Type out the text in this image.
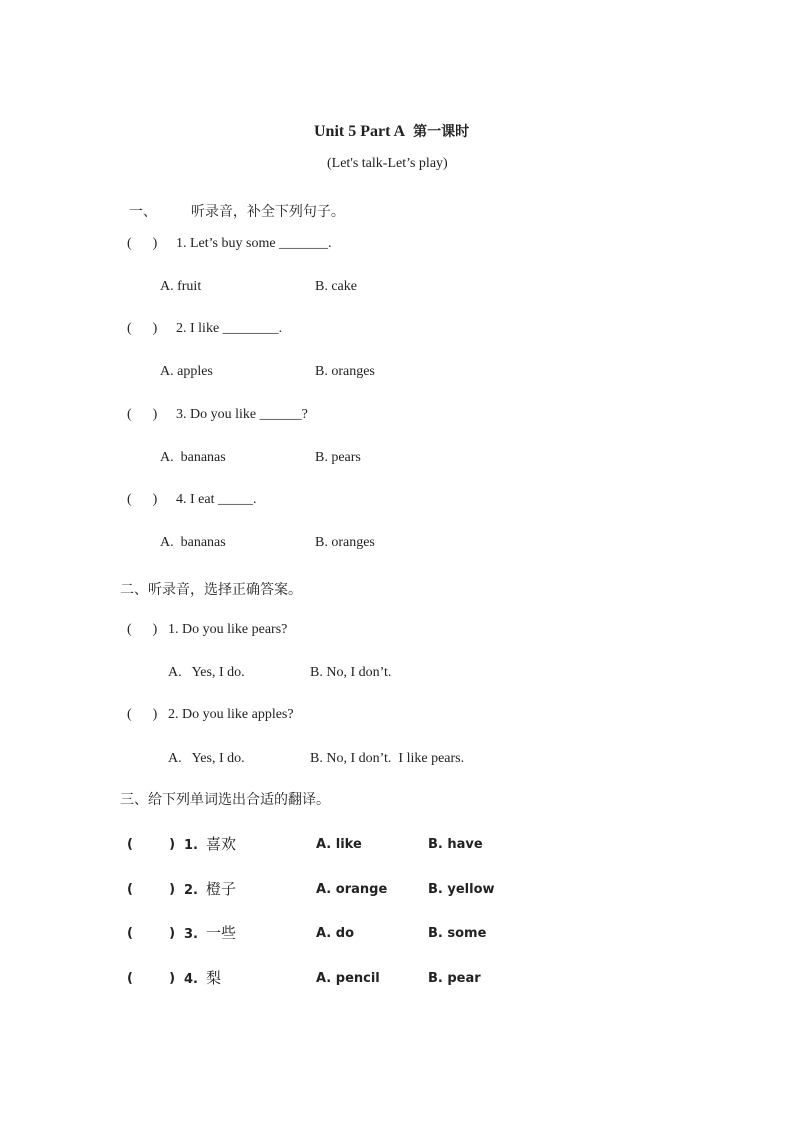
Unit 5 Part A 第一课时

(Let's talk-Let’s play)

一、 听录音，补全下列句子。

(      ) 1. Let’s buy some _______.
A. fruit	B. cake
(      ) 2. I like ________.
A. apples	B. oranges
(      ) 3. Do you like ______?
A.  bananas	B. pears
(      ) 4. I eat _____.
A.  bananas	B. oranges
二、听录音，选择正确答案。
(      ) 1. Do you like pears?
A.   Yes, I do.	B. No, I don’t.
(      ) 2. Do you like apples?
A.   Yes, I do.	B. No, I don’t.  I like pears.
三、给下列单词选出合适的翻译。
(        ) 1. 喜欢	A. like	B. have
(        ) 2. 橙子	A. orange	B. yellow
(        ) 3. 一些	A. do	B. some
(        ) 4. 梨	A. pencil	B. pear
